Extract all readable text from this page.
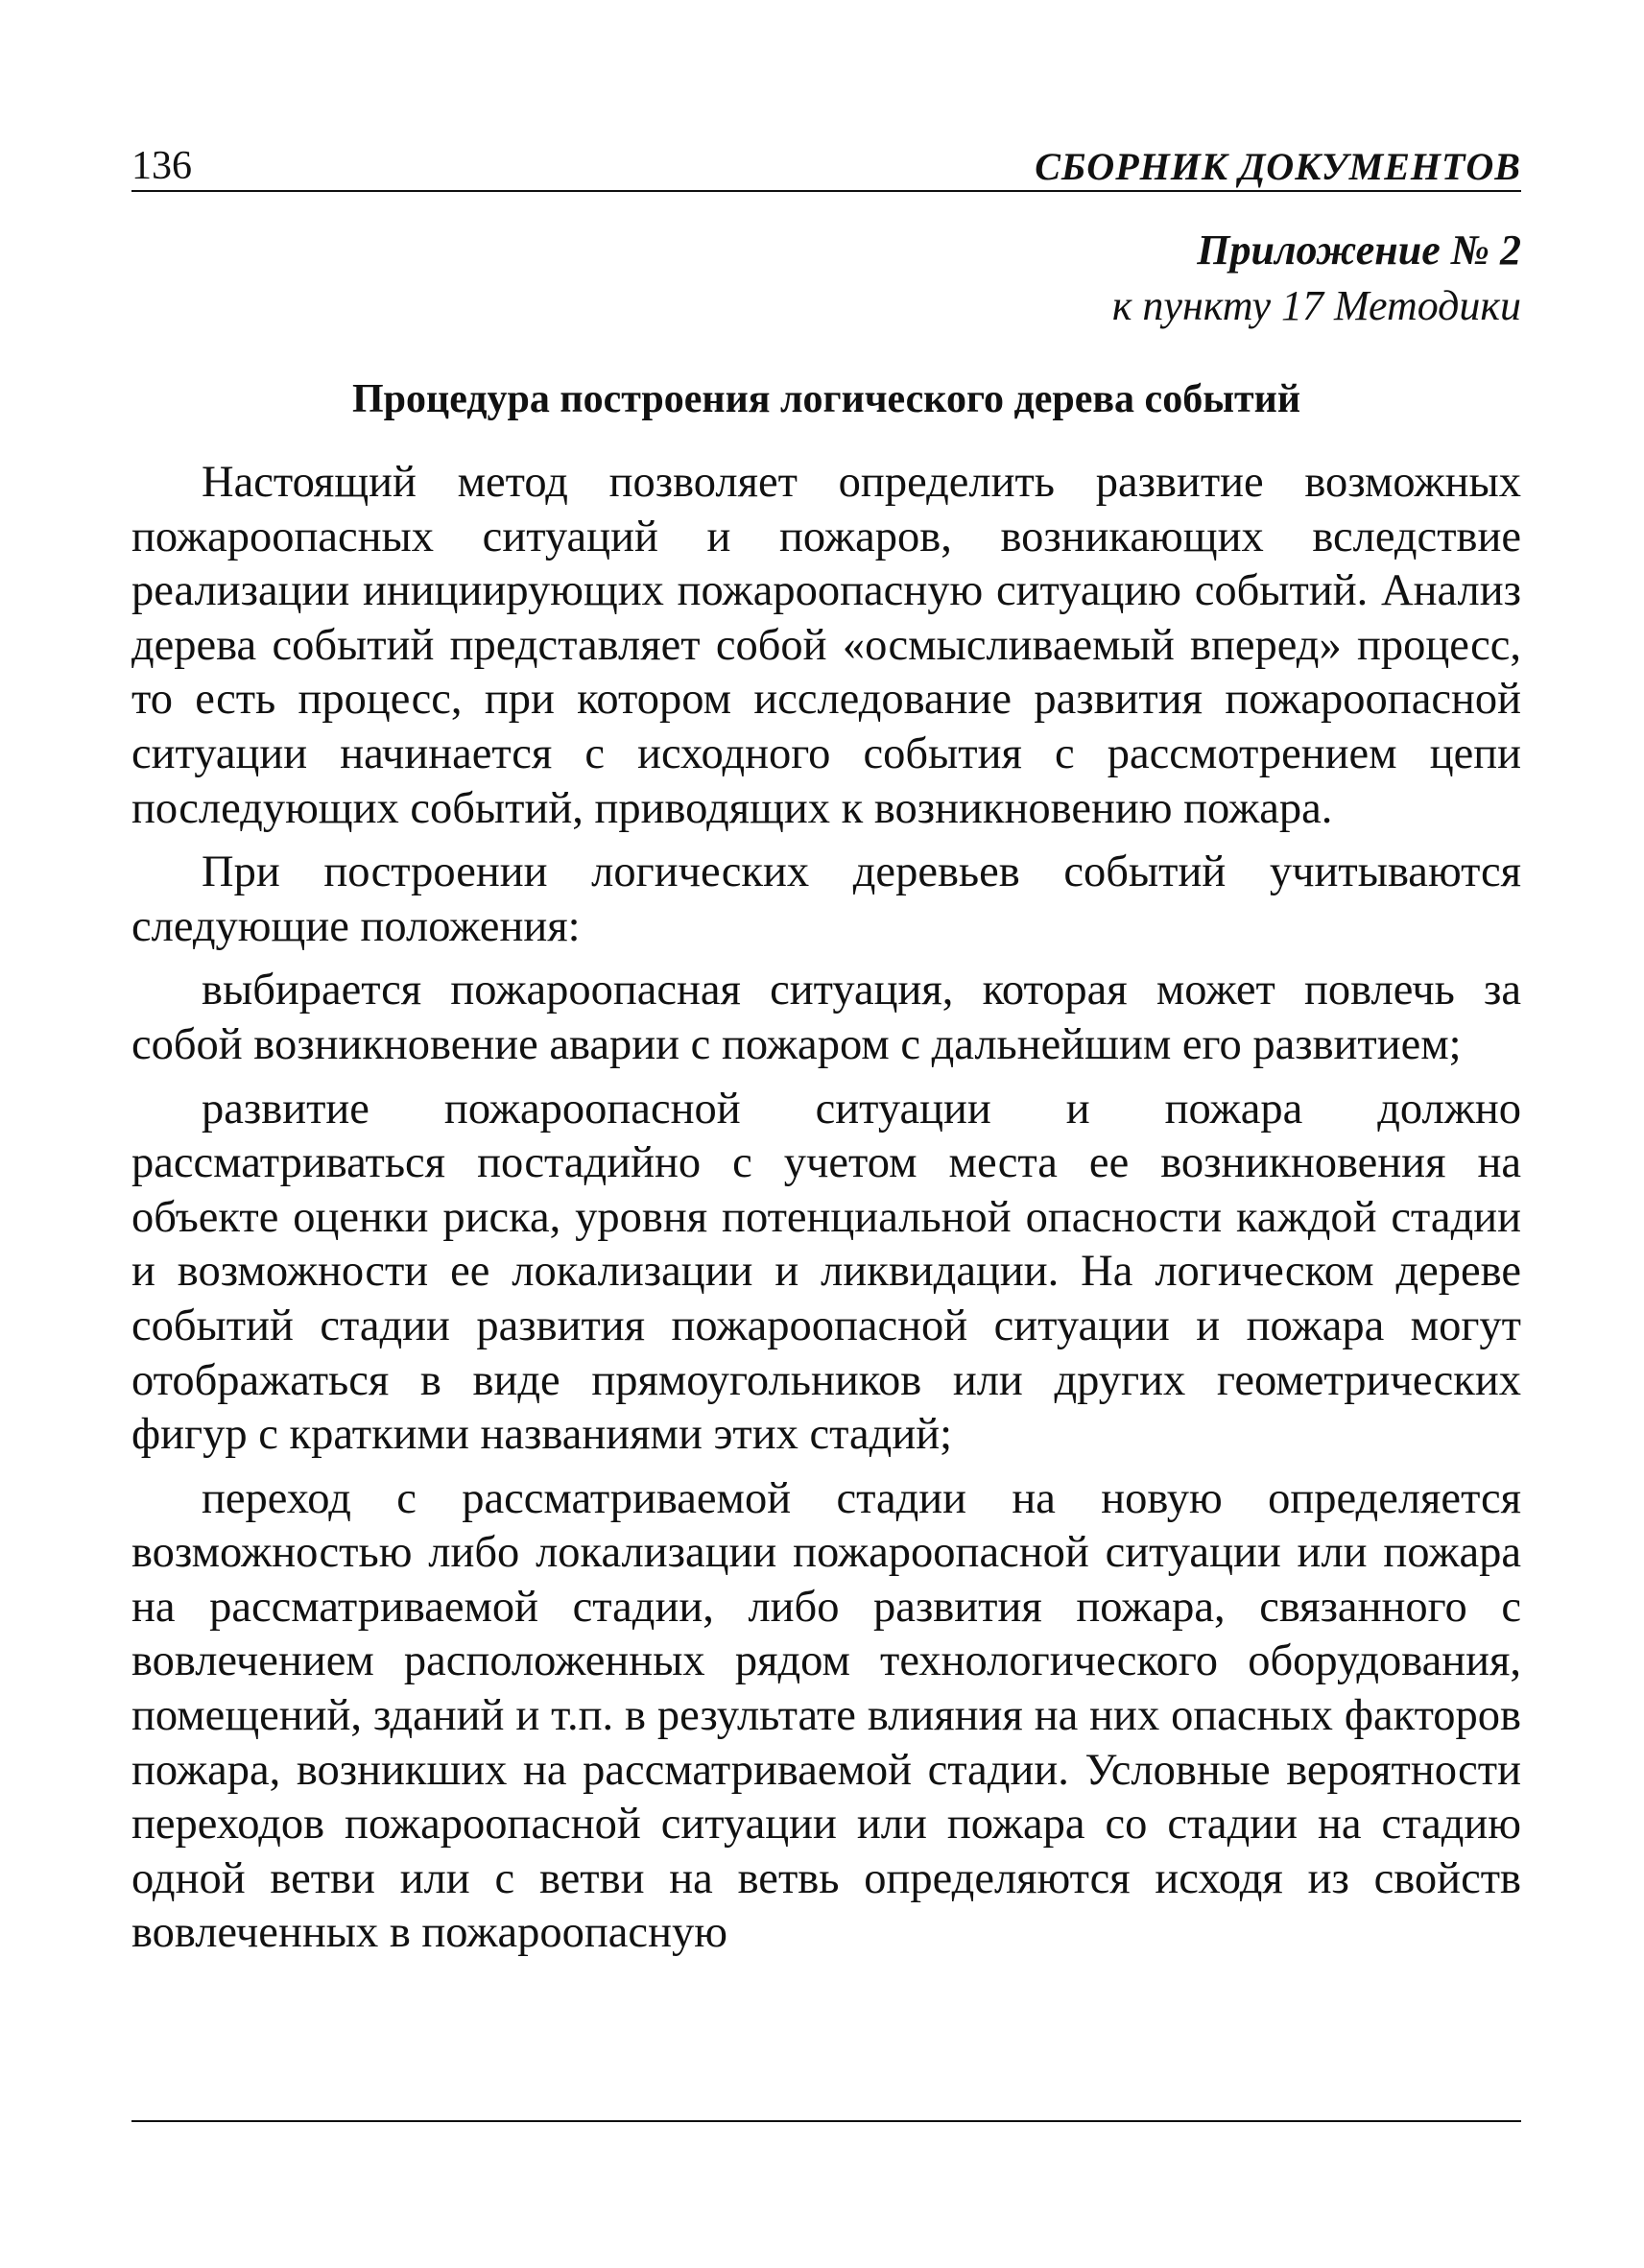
136	СБОРНИК ДОКУМЕНТОВ
Приложение № 2
к пункту 17 Методики
Процедура построения логического дерева событий

Настоящий метод позволяет определить развитие возможных пожароопасных ситуаций и пожаров, возникающих вследствие реализации инициирующих пожароопасную ситуацию событий. Анализ дерева событий представляет собой «осмысливаемый вперед» процесс, то есть процесс, при котором исследование развития пожароопасной ситуации начинается с исходного события с рассмотрением цепи последующих событий, приводящих к возникновению пожара.

При построении логических деревьев событий учитываются следующие положения:

выбирается пожароопасная ситуация, которая может повлечь за собой возникновение аварии с пожаром с дальнейшим его развитием;

развитие пожароопасной ситуации и пожара должно рассматриваться постадийно с учетом места ее возникновения на объекте оценки риска, уровня потенциальной опасности каждой стадии и возможности ее локализации и ликвидации. На логическом дереве событий стадии развития пожароопасной ситуации и пожара могут отображаться в виде прямоугольников или других геометрических фигур с краткими названиями этих стадий;

переход с рассматриваемой стадии на новую определяется возможностью либо локализации пожароопасной ситуации или пожара на рассматриваемой стадии, либо развития пожара, связанного с вовлечением расположенных рядом технологического оборудования, помещений, зданий и т.п. в результате влияния на них опасных факторов пожара, возникших на рассматриваемой стадии. Условные вероятности переходов пожароопасной ситуации или пожара со стадии на стадию одной ветви или с ветви на ветвь определяются исходя из свойств вовлеченных в пожароопасную
